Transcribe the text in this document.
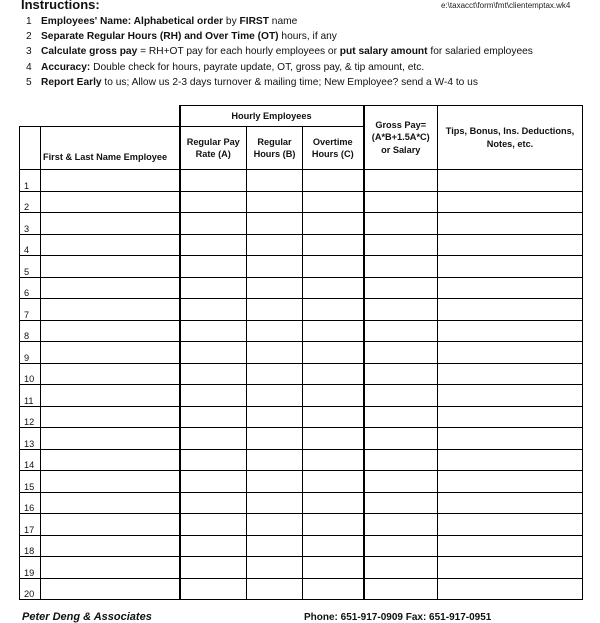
Instructions:	e:\taxacct\form\fmt\clientemptax.wk4
1 Employees' Name: Alphabetical order by FIRST name
2 Separate Regular Hours (RH) and Over Time (OT) hours, if any
3 Calculate gross pay = RH+OT pay for each hourly employees or put salary amount for salaried employees
4 Accuracy: Double check for hours, payrate update, OT, gross pay, & tip amount, etc.
5 Report Early to us; Allow us 2-3 days turnover & mailing time; New Employee? send a W-4 to us
		Hourly Employees			Gross Pay=
(A*B+1.5A*C)
or Salary	Tips, Bonus, Ins. Deductions, Notes, etc.
	First & Last Name Employee	Regular Pay Rate (A)	Regular Hours (B)	Overtime Hours (C)		
1						
2						
3						
4						
5						
6						
7						
8						
9						
10						
11						
12						
13						
14						
15						
16						
17						
18						
19						
20						
Peter Deng & Associates	Phone: 651-917-0909 Fax: 651-917-0951
